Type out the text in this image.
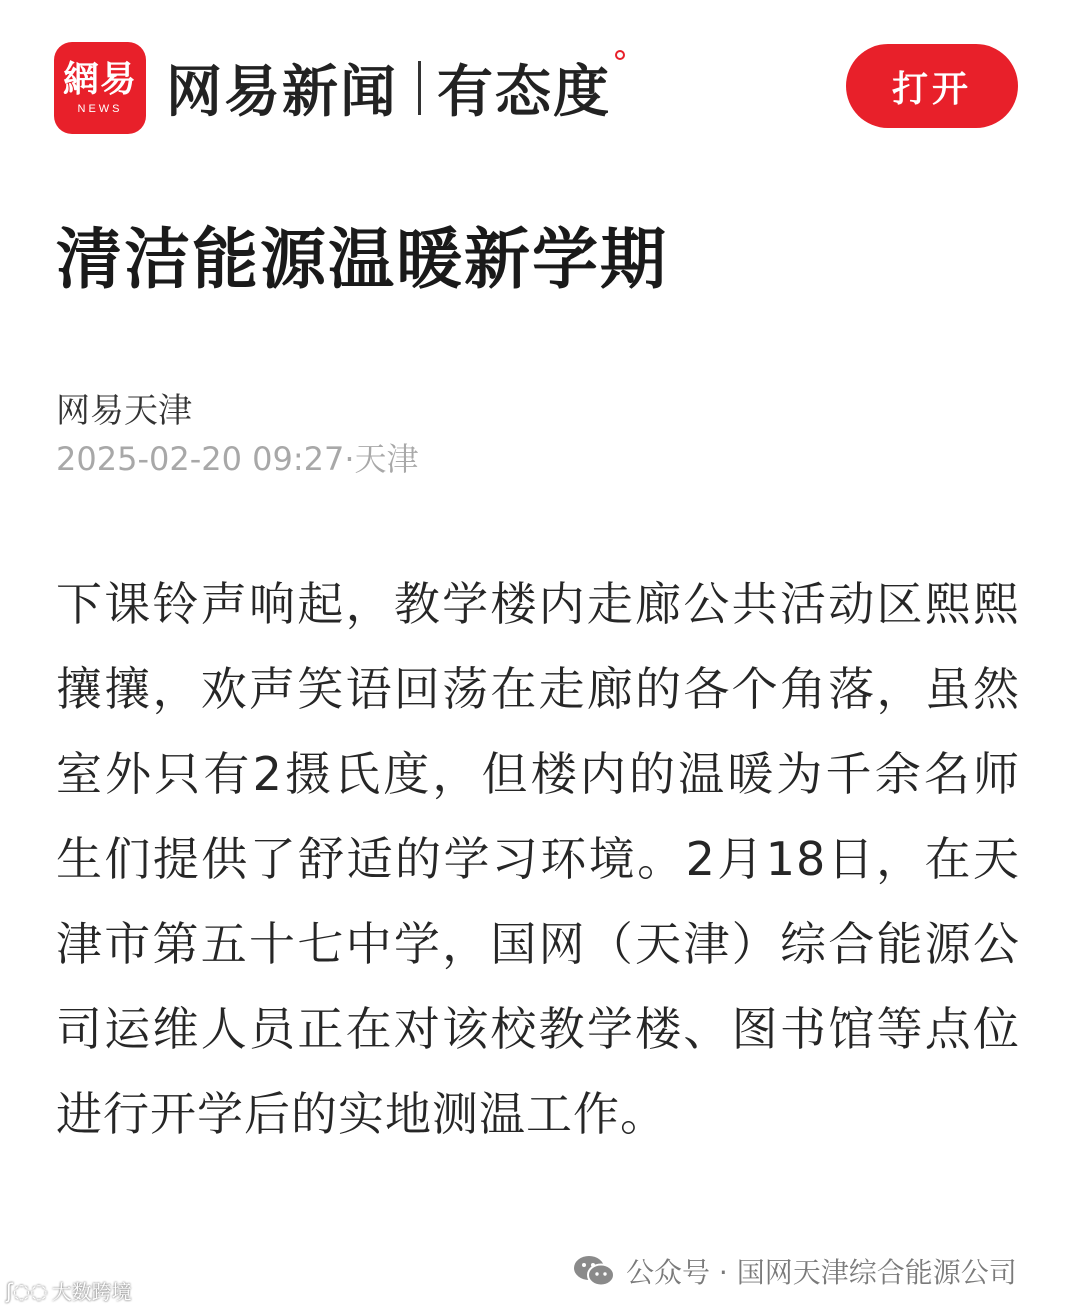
網易
NEWS 网易新闻 有态度	打开
清洁能源温暖新学期
网易天津
2025-02-20 09:27·天津

下课铃声响起，教学楼内走廊公共活动区熙熙攘攘，欢声笑语回荡在走廊的各个角落，虽然室外只有2摄氏度，但楼内的温暖为千余名师生们提供了舒适的学习环境。2月18日，在天津市第五十七中学，国网（天津）综合能源公司运维人员正在对该校教学楼、图书馆等点位进行开学后的实地测温工作。

ʃ◌◌ 大数跨境
公众号 · 国网天津综合能源公司
